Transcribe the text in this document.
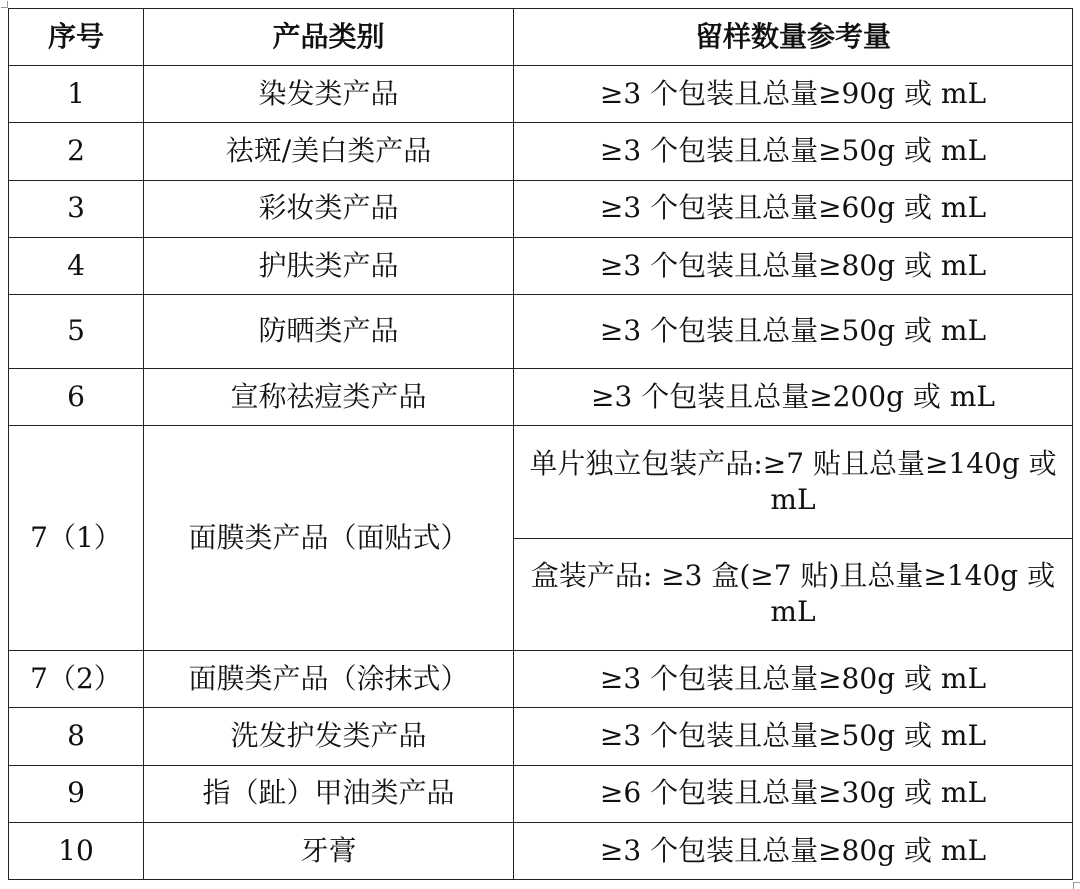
序号	产品类别	留样数量参考量
1	染发类产品	≥3 个包装且总量≥90g 或 mL
2	祛斑/美白类产品	≥3 个包装且总量≥50g 或 mL
3	彩妆类产品	≥3 个包装且总量≥60g 或 mL
4	护肤类产品	≥3 个包装且总量≥80g 或 mL
5	防晒类产品	≥3 个包装且总量≥50g 或 mL
6	宣称祛痘类产品	≥3 个包装且总量≥200g 或 mL
7（1）	面膜类产品（面贴式）	单片独立包装产品:≥7 贴且总量≥140g 或 mL
		盒装产品: ≥3 盒(≥7 贴)且总量≥140g 或 mL
7（2）	面膜类产品（涂抹式）	≥3 个包装且总量≥80g 或 mL
8	洗发护发类产品	≥3 个包装且总量≥50g 或 mL
9	指（趾）甲油类产品	≥6 个包装且总量≥30g 或 mL
10	牙膏	≥3 个包装且总量≥80g 或 mL
